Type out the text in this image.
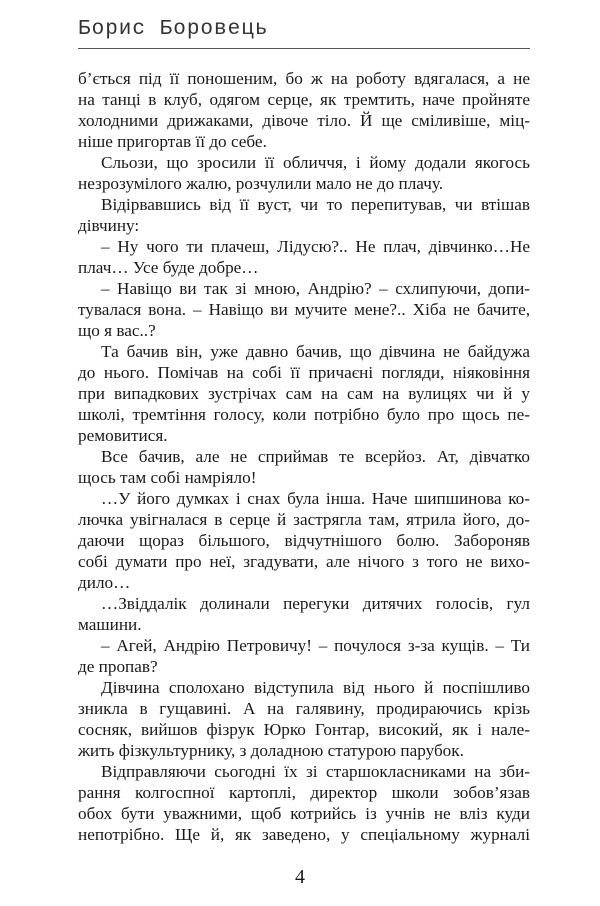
Борис Боровець
б’ється під її поношеним, бо ж на роботу вдягалася, а не
на танці в клуб, одягом серце, як тремтить, наче пройняте
холодними дрижаками, дівоче тіло. Й ще сміливіше, міц-
ніше пригортав її до себе.
Сльози, що зросили її обличчя, і йому додали якогось
незрозумілого жалю, розчулили мало не до плачу.
Відірвавшись від її вуст, чи то перепитував, чи втішав
дівчину:
– Ну чого ти плачеш, Лідусю?.. Не плач, дівчинко…Не
плач… Усе буде добре…
– Навіщо ви так зі мною, Андрію? – схлипуючи, допи-
тувалася вона. – Навіщо ви мучите мене?.. Хіба не бачите,
що я вас..?
Та бачив він, уже давно бачив, що дівчина не байдужа
до нього. Помічав на собі її причаєні погляди, ніяковіння
при випадкових зустрічах сам на сам на вулицях чи й у
школі, тремтіння голосу, коли потрібно було про щось пе-
ремовитися.
Все бачив, але не сприймав те всерйоз. Ат, дівчатко
щось там собі намріяло!
…У його думках і снах була інша. Наче шипшинова ко-
лючка увігналася в серце й застрягла там, ятрила його, до-
даючи щораз більшого, відчутнішого болю. Забороняв
собі думати про неї, згадувати, але нічого з того не вихо-
дило…
…Звіддалік долинали перегуки дитячих голосів, гул
машини.
– Агей, Андрію Петровичу! – почулося з-за кущів. – Ти
де пропав?
Дівчина сполохано відступила від нього й поспішливо
зникла в гущавині. А на галявину, продираючись крізь
сосняк, вийшов фізрук Юрко Гонтар, високий, як і нале-
жить фізкультурнику, з доладною статурою парубок.
Відправляючи сьогодні їх зі старшокласниками на зби-
рання колгоспної картоплі, директор школи зобов’язав
обох бути уважними, щоб котрийсь із учнів не вліз куди
непотрібно. Ще й, як заведено, у спеціальному журналі
4
